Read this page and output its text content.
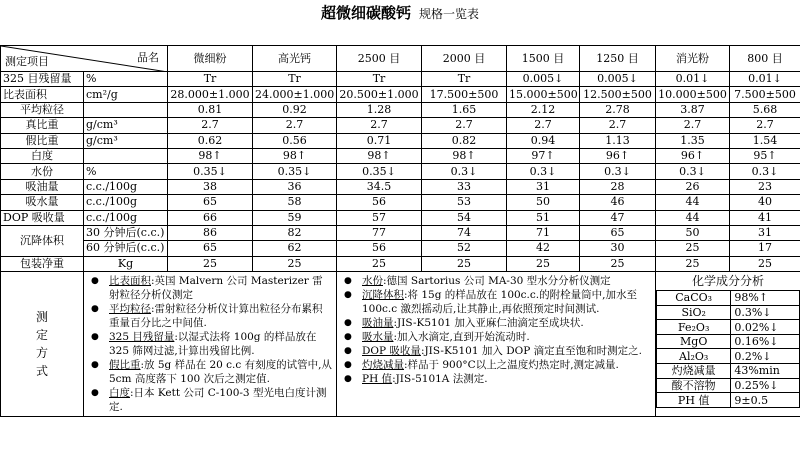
超微细碳酸钙 规格一览表
测定项目	品名	微细粉	高光钙	2500 目	2000 目	1500 目	1250 目	消光粉	800 目
325 目残留量	%	Tr	Tr	Tr	Tr	0.005↓	0.005↓	0.01↓	0.01↓
比表面积	cm²/g	28.000±1.000	24.000±1.000	20.500±1.000	17.500±500	15.000±500	12.500±500	10.000±500	7.500±500
平均粒径		0.81	0.92	1.28	1.65	2.12	2.78	3.87	5.68
真比重	g/cm³	2.7	2.7	2.7	2.7	2.7	2.7	2.7	2.7
假比重	g/cm³	0.62	0.56	0.71	0.82	0.94	1.13	1.35	1.54
白度		98↑	98↑	98↑	98↑	97↑	96↑	96↑	95↑
水份	%	0.35↓	0.35↓	0.35↓	0.3↓	0.3↓	0.3↓	0.3↓	0.3↓
吸油量	c.c./100g	38	36	34.5	33	31	28	26	23
吸水量	c.c./100g	65	58	56	53	50	46	44	40
DOP 吸收量	c.c./100g	66	59	57	54	51	47	44	41
沉降体积	30 分钟后(c.c.)	86	82	77	74	71	65	50	31
60 分钟后(c.c.)	65	62	56	52	42	30	25	17
包装净重	Kg	25	25	25	25	25	25	25	25

测
定
方
式

● 比表面积:英国 Malvern 公司 Masterizer 雷射粒径分析仪测定
● 平均粒径:雷射粒径分析仪计算出粒径分布累积重量百分比之中间值.
● 325 目残留量:以湿式法将 100g 的样品放在 325 筛网过滤,计算出残留比例.
● 假比重:放 5g 样品在 20 c.c 有刻度的试管中,从 5cm 高度落下 100 次后之测定值.
● 白度:日本 Kett 公司 C-100-3 型光电白度计测定.

● 水份:德国 Sartorius 公司 MA-30 型水分分析仪测定
● 沉降体积:将 15g 的样品放在 100c.c.的附栓量筒中,加水至 100c.c 激烈摇动后,让其静止,再依照预定时间测试.
● 吸油量:JIS-K5101 加入亚麻仁油滴定至成块状.
● 吸水量:加入水滴定,直到开始流动时.
● DOP 吸收量:JIS-K5101 加入 DOP 滴定直至饱和时测定之.
● 灼烧减量:样品于 900°C以上之温度灼热定时,测定减量.
● PH 值:JIS-5101A 法测定.

化学成分分析
CaCO₃	98%↑
SiO₂	0.3%↓
Fe₂O₃	0.02%↓
MgO	0.16%↓
Al₂O₃	0.2%↓
灼烧减量	43%min
酸不溶物	0.25%↓
PH 值	9±0.5
